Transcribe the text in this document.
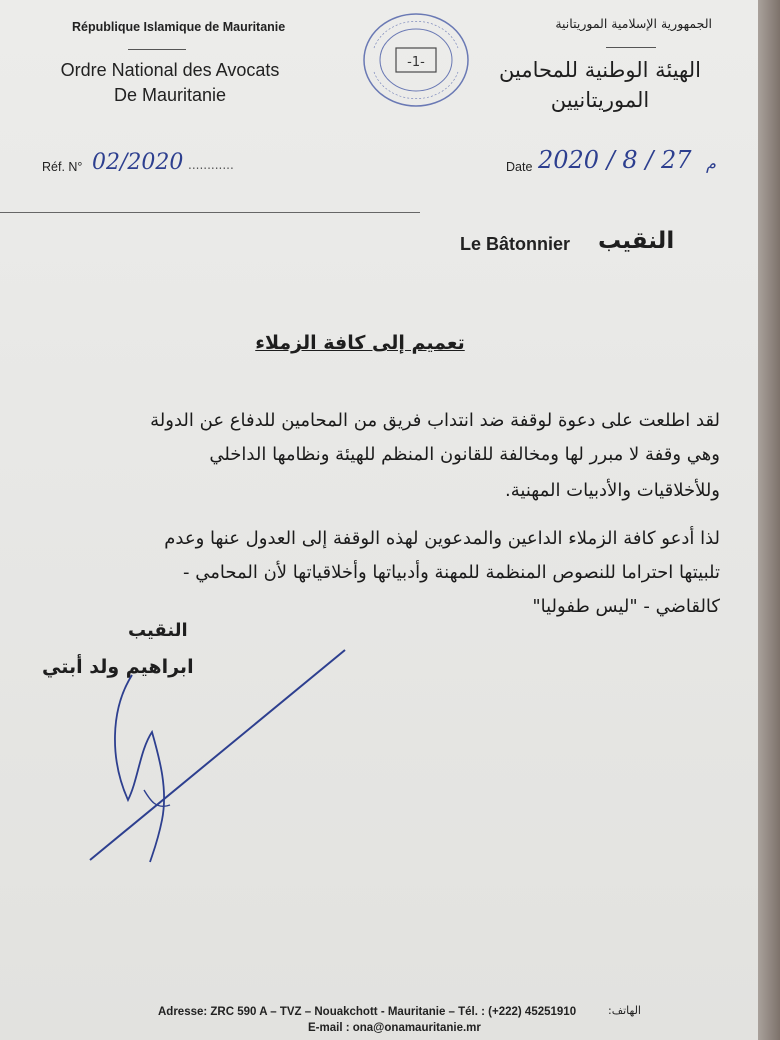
République Islamique de Mauritanie
Ordre National des Avocats
De Mauritanie
-1-
الجمهورية الإسلامية الموريتانية
الهيئة الوطنية للمحامين
الموريتانيين
Réf. N° 02/2020 ............	Date 2020 / 8 / 27 م
Le Bâtonnier النقيب
تعميم إلى كافة الزملاء
لقد اطلعت على دعوة لوقفة ضد انتداب فريق من المحامين للدفاع عن الدولة
وهي وقفة لا مبرر لها ومخالفة للقانون المنظم للهيئة ونظامها الداخلي
وللأخلاقيات والأدبيات المهنية.
لذا أدعو كافة الزملاء الداعين والمدعوين لهذه الوقفة إلى العدول عنها وعدم
تلبيتها احتراما للنصوص المنظمة للمهنة وأدبياتها وأخلاقياتها لأن المحامي -
كالقاضي - "ليس طفوليا"
النقيب
ابراهيم ولد أبتي
Adresse: ZRC 590 A – TVZ – Nouakchott - Mauritanie – Tél. : (+222) 45251910	الهاتف:
E-mail : ona@onamauritanie.mr
